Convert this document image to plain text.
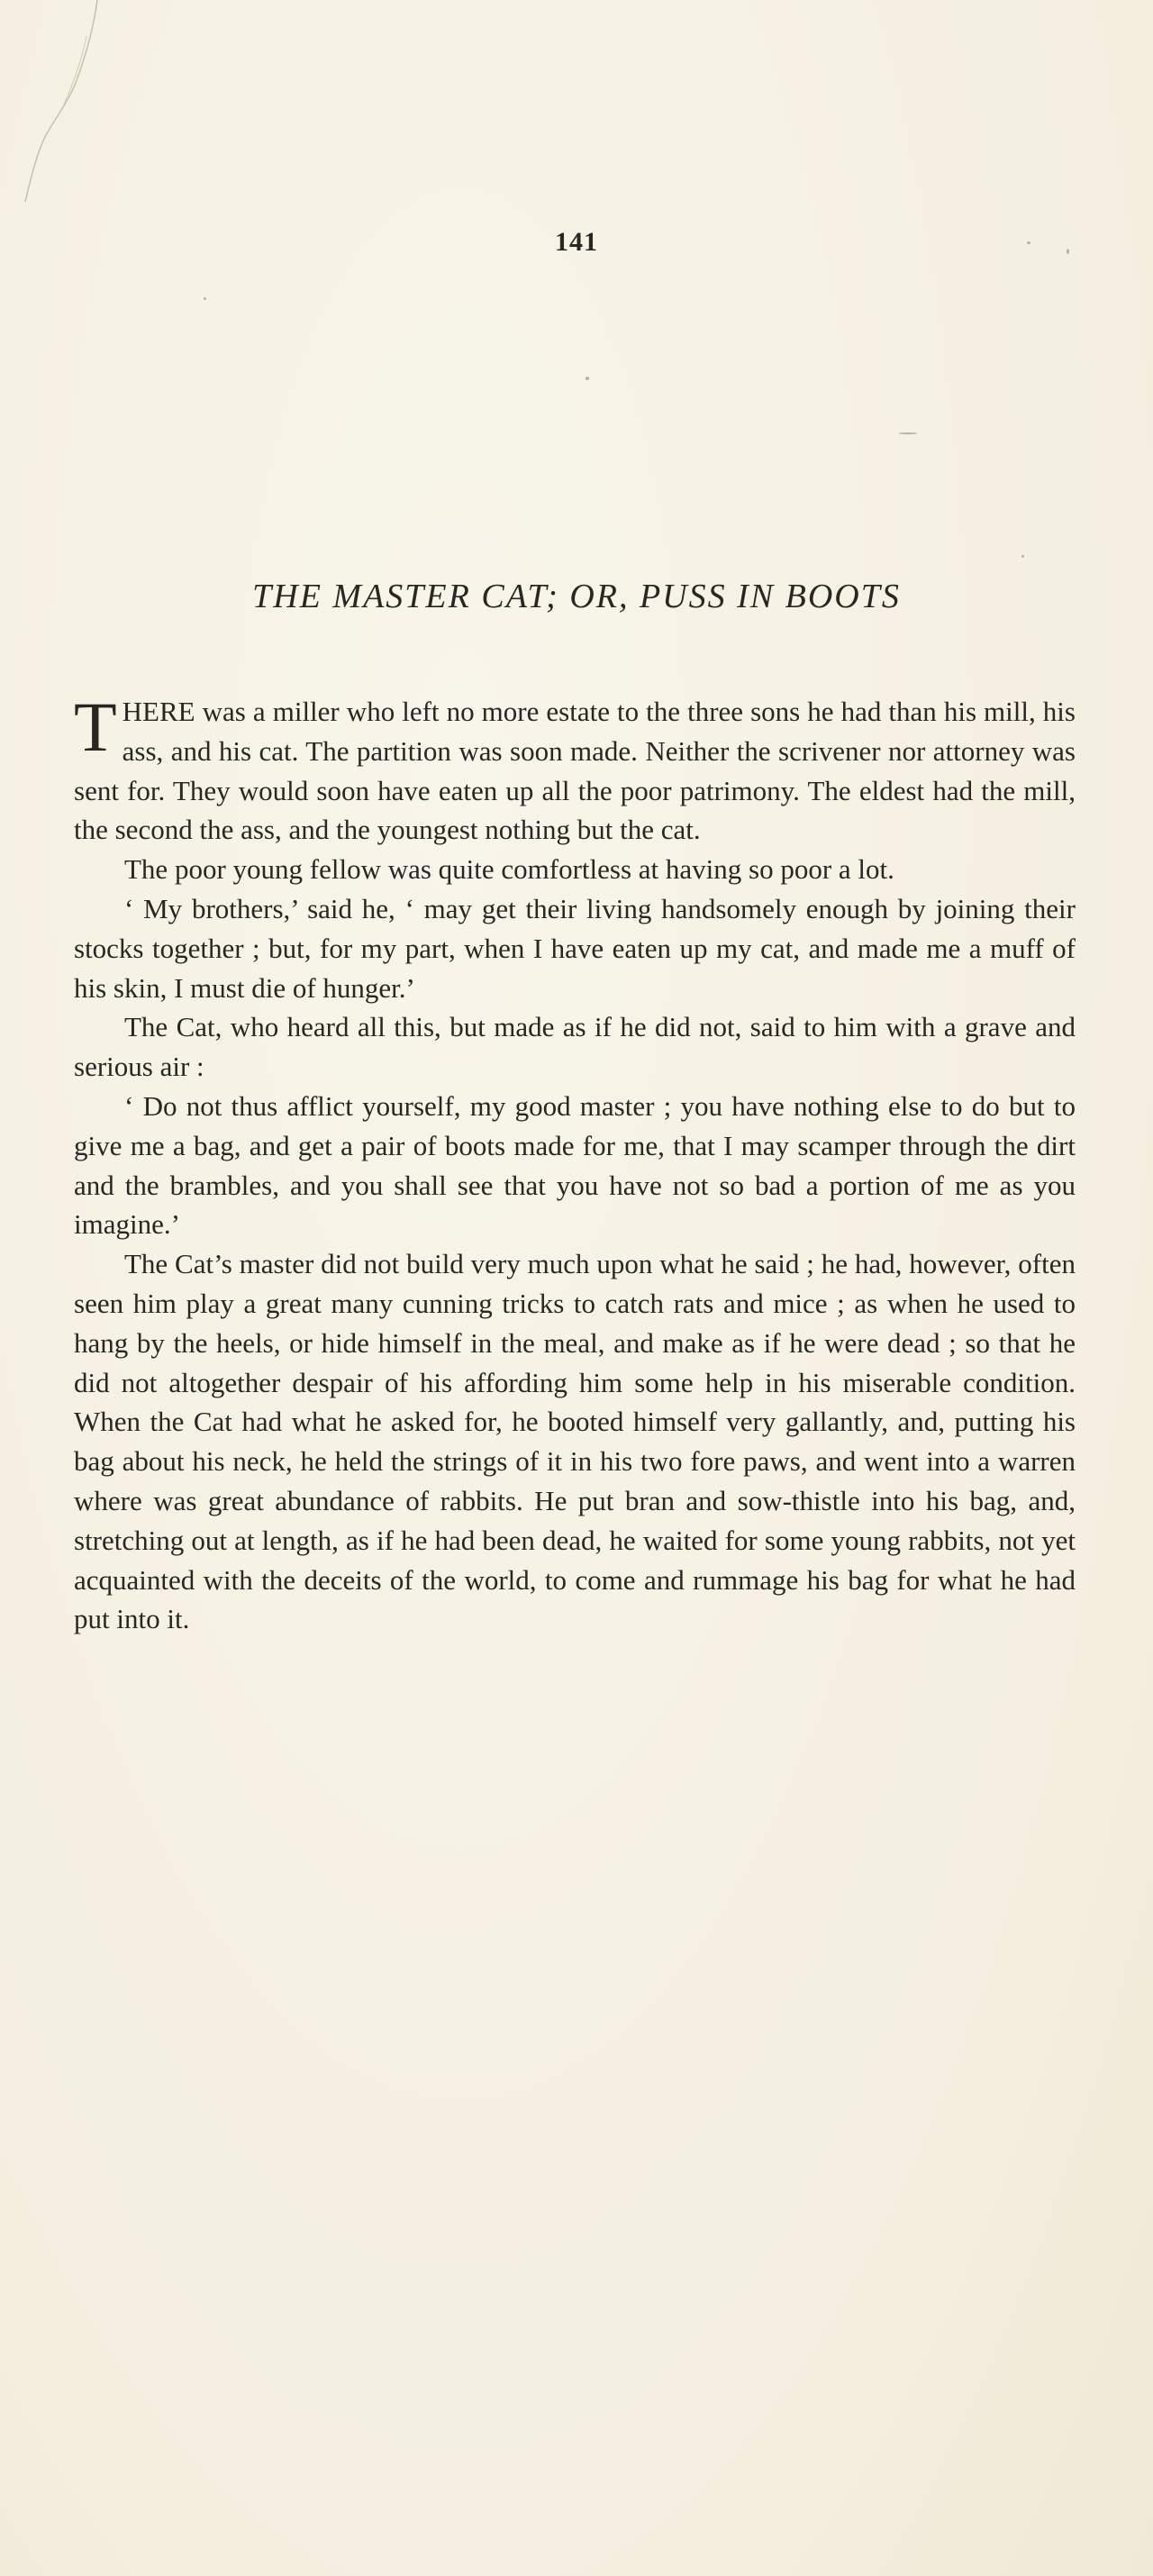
141
THE MASTER CAT; OR, PUSS IN BOOTS

THERE was a miller who left no more estate to the three sons he had than his mill, his ass, and his cat. The partition was soon made. Neither the scrivener nor attorney was sent for. They would soon have eaten up all the poor patrimony. The eldest had the mill, the second the ass, and the youngest nothing but the cat.

The poor young fellow was quite comfortless at having so poor a lot.

‘ My brothers,’ said he, ‘ may get their living handsomely enough by joining their stocks together ; but, for my part, when I have eaten up my cat, and made me a muff of his skin, I must die of hunger.’

The Cat, who heard all this, but made as if he did not, said to him with a grave and serious air :

‘ Do not thus afflict yourself, my good master ; you have nothing else to do but to give me a bag, and get a pair of boots made for me, that I may scamper through the dirt and the brambles, and you shall see that you have not so bad a portion of me as you imagine.’

The Cat’s master did not build very much upon what he said ; he had, however, often seen him play a great many cunning tricks to catch rats and mice ; as when he used to hang by the heels, or hide himself in the meal, and make as if he were dead ; so that he did not altogether despair of his affording him some help in his miserable condition. When the Cat had what he asked for, he booted himself very gallantly, and, putting his bag about his neck, he held the strings of it in his two fore paws, and went into a warren where was great abundance of rabbits. He put bran and sow-thistle into his bag, and, stretching out at length, as if he had been dead, he waited for some young rabbits, not yet acquainted with the deceits of the world, to come and rummage his bag for what he had put into it.
